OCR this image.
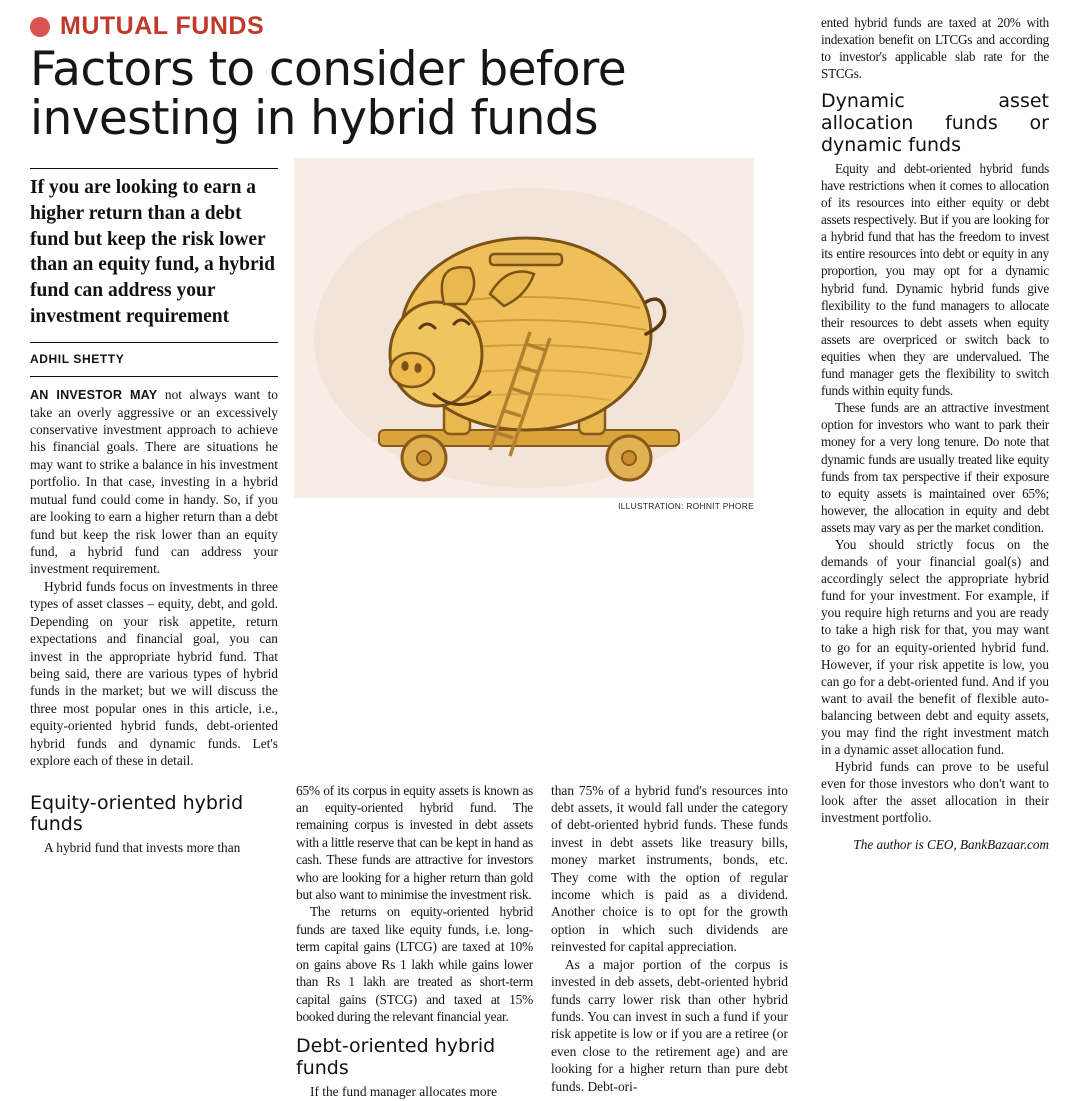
MUTUAL FUNDS
Factors to consider before investing in hybrid funds
If you are looking to earn a higher return than a debt fund but keep the risk lower than an equity fund, a hybrid fund can address your investment requirement
ADHIL SHETTY

AN INVESTOR MAY not always want to take an overly aggressive or an excessively conservative investment approach to achieve his financial goals. There are situations he may want to strike a balance in his investment portfolio. In that case, investing in a hybrid mutual fund could come in handy. So, if you are looking to earn a higher return than a debt fund but keep the risk lower than an equity fund, a hybrid fund can address your investment requirement.

Hybrid funds focus on investments in three types of asset classes – equity, debt, and gold. Depending on your risk appetite, return expectations and financial goal, you can invest in the appropriate hybrid fund. That being said, there are various types of hybrid funds in the market; but we will discuss the three most popular ones in this article, i.e., equity-oriented hybrid funds, debt-oriented hybrid funds and dynamic funds. Let's explore each of these in detail.

ILLUSTRATION: ROHNIT PHORE

ented hybrid funds are taxed at 20% with indexation benefit on LTCGs and according to investor's applicable slab rate for the STCGs.

Dynamic asset allocation funds or dynamic funds

Equity and debt-oriented hybrid funds have restrictions when it comes to allocation of its resources into either equity or debt assets respectively. But if you are looking for a hybrid fund that has the freedom to invest its entire resources into debt or equity in any proportion, you may opt for a dynamic hybrid fund. Dynamic hybrid funds give flexibility to the fund managers to allocate their resources to debt assets when equity assets are overpriced or switch back to equities when they are undervalued. The fund manager gets the flexibility to switch funds within equity funds.

These funds are an attractive investment option for investors who want to park their money for a very long tenure. Do note that dynamic funds are usually treated like equity funds from tax perspective if their exposure to equity assets is maintained over 65%; however, the allocation in equity and debt assets may vary as per the market condition.

You should strictly focus on the demands of your financial goal(s) and accordingly select the appropriate hybrid fund for your investment. For example, if you require high returns and you are ready to take a high risk for that, you may want to go for an equity-oriented hybrid fund. However, if your risk appetite is low, you can go for a debt-oriented fund. And if you want to avail the benefit of flexible auto-balancing between debt and equity assets, you may find the right investment match in a dynamic asset allocation fund.

Hybrid funds can prove to be useful even for those investors who don't want to look after the asset allocation in their investment portfolio.

The author is CEO, BankBazaar.com
Equity-oriented hybrid funds

A hybrid fund that invests more than

65% of its corpus in equity assets is known as an equity-oriented hybrid fund. The remaining corpus is invested in debt assets with a little reserve that can be kept in hand as cash. These funds are attractive for investors who are looking for a higher return than gold but also want to minimise the investment risk.

The returns on equity-oriented hybrid funds are taxed like equity funds, i.e. long-term capital gains (LTCG) are taxed at 10% on gains above Rs 1 lakh while gains lower than Rs 1 lakh are treated as short-term capital gains (STCG) and taxed at 15% booked during the relevant financial year.

Debt-oriented hybrid funds

If the fund manager allocates more

than 75% of a hybrid fund's resources into debt assets, it would fall under the category of debt-oriented hybrid funds. These funds invest in debt assets like treasury bills, money market instruments, bonds, etc. They come with the option of regular income which is paid as a dividend. Another choice is to opt for the growth option in which such dividends are reinvested for capital appreciation.

As a major portion of the corpus is invested in deb assets, debt-oriented hybrid funds carry lower risk than other hybrid funds. You can invest in such a fund if your risk appetite is low or if you are a retiree (or even close to the retirement age) and are looking for a higher return than pure debt funds. Debt-ori-
